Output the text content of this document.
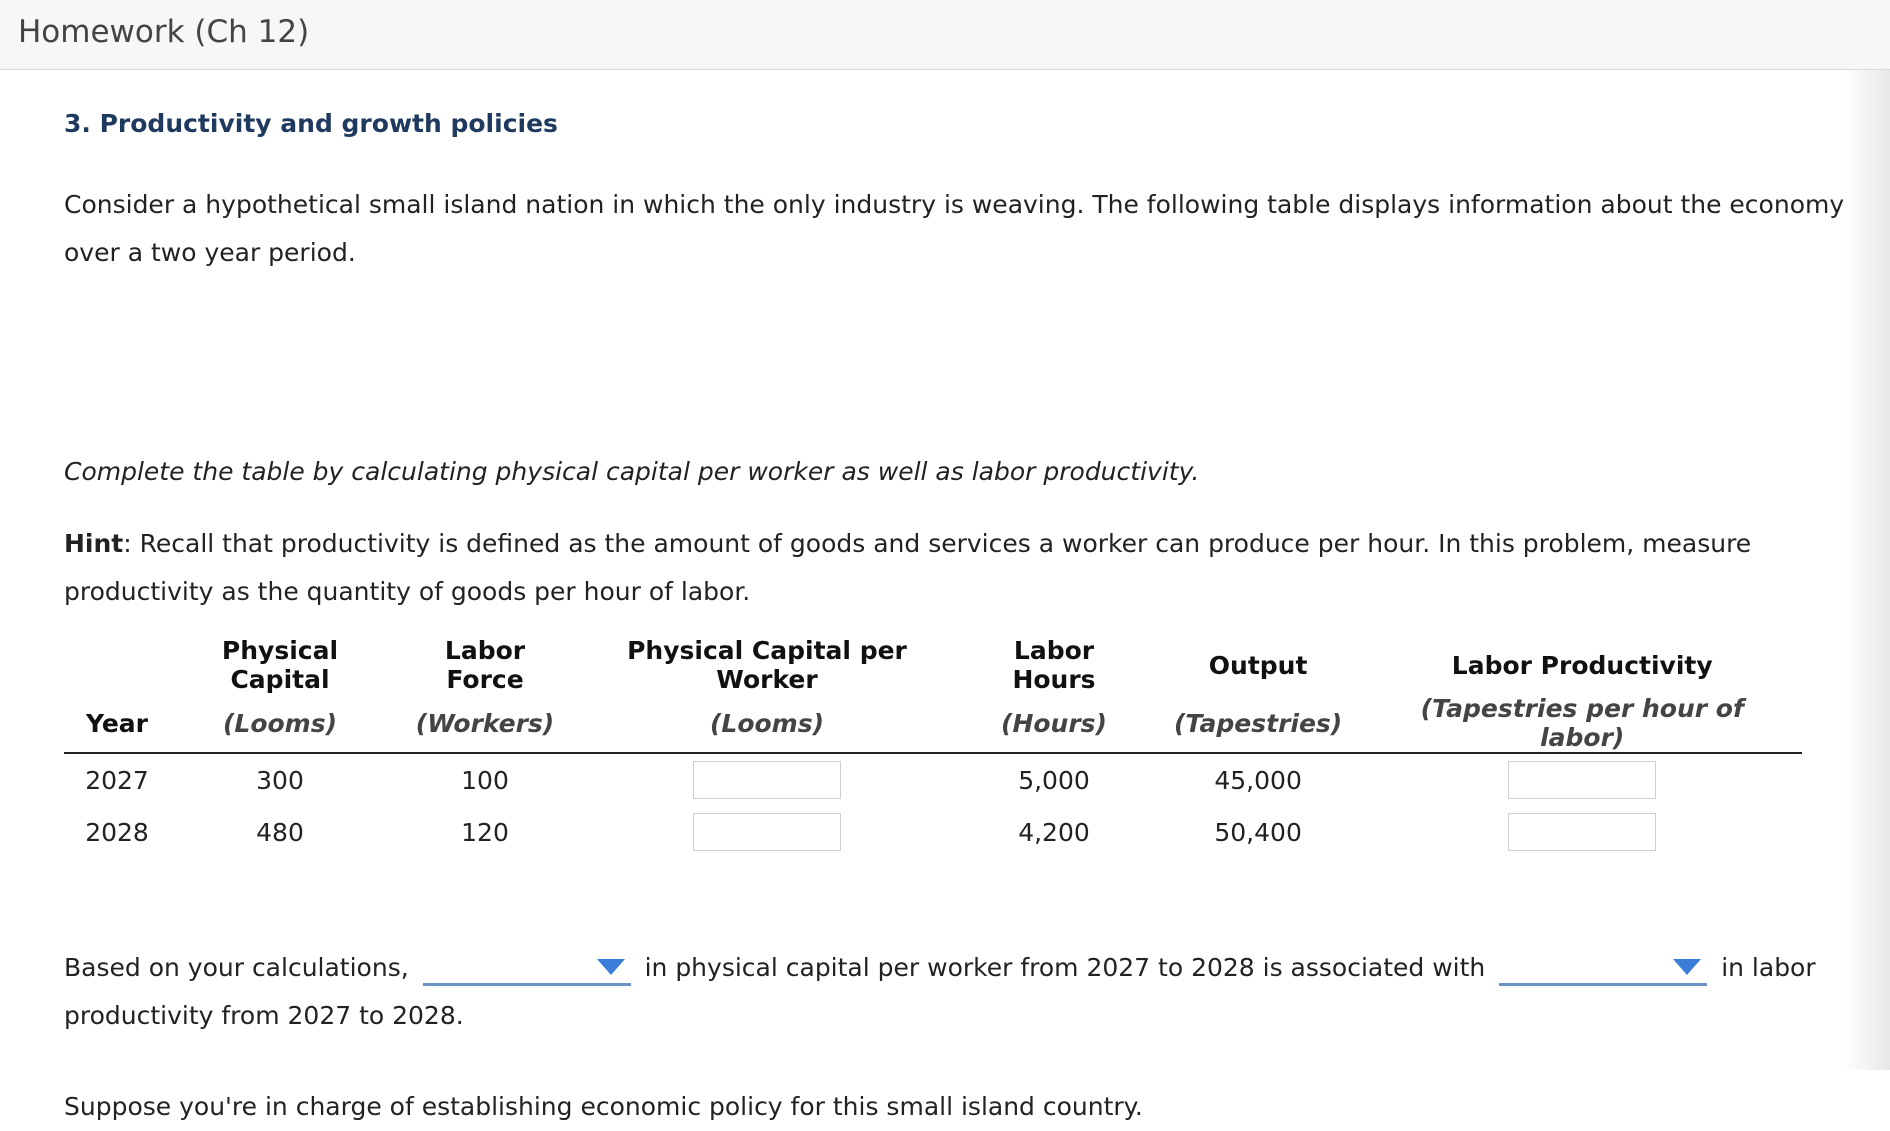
Homework (Ch 12)
3. Productivity and growth policies
Consider a hypothetical small island nation in which the only industry is weaving. The following table displays information about the economy over a two year period.
Complete the table by calculating physical capital per worker as well as labor productivity.
Hint: Recall that productivity is defined as the amount of goods and services a worker can produce per hour. In this problem, measure productivity as the quantity of goods per hour of labor.
	Physical Capital	Labor Force	Physical Capital per Worker	Labor Hours	Output	Labor Productivity
Year	(Looms)	(Workers)	(Looms)	(Hours)	(Tapestries)	(Tapestries per hour of labor)
2027	300	100		5,000	45,000	
2028	480	120		4,200	50,400	
Based on your calculations,	in physical capital per worker from 2027 to 2028 is associated with	in labor productivity from 2027 to 2028.
Suppose you're in charge of establishing economic policy for this small island country.
